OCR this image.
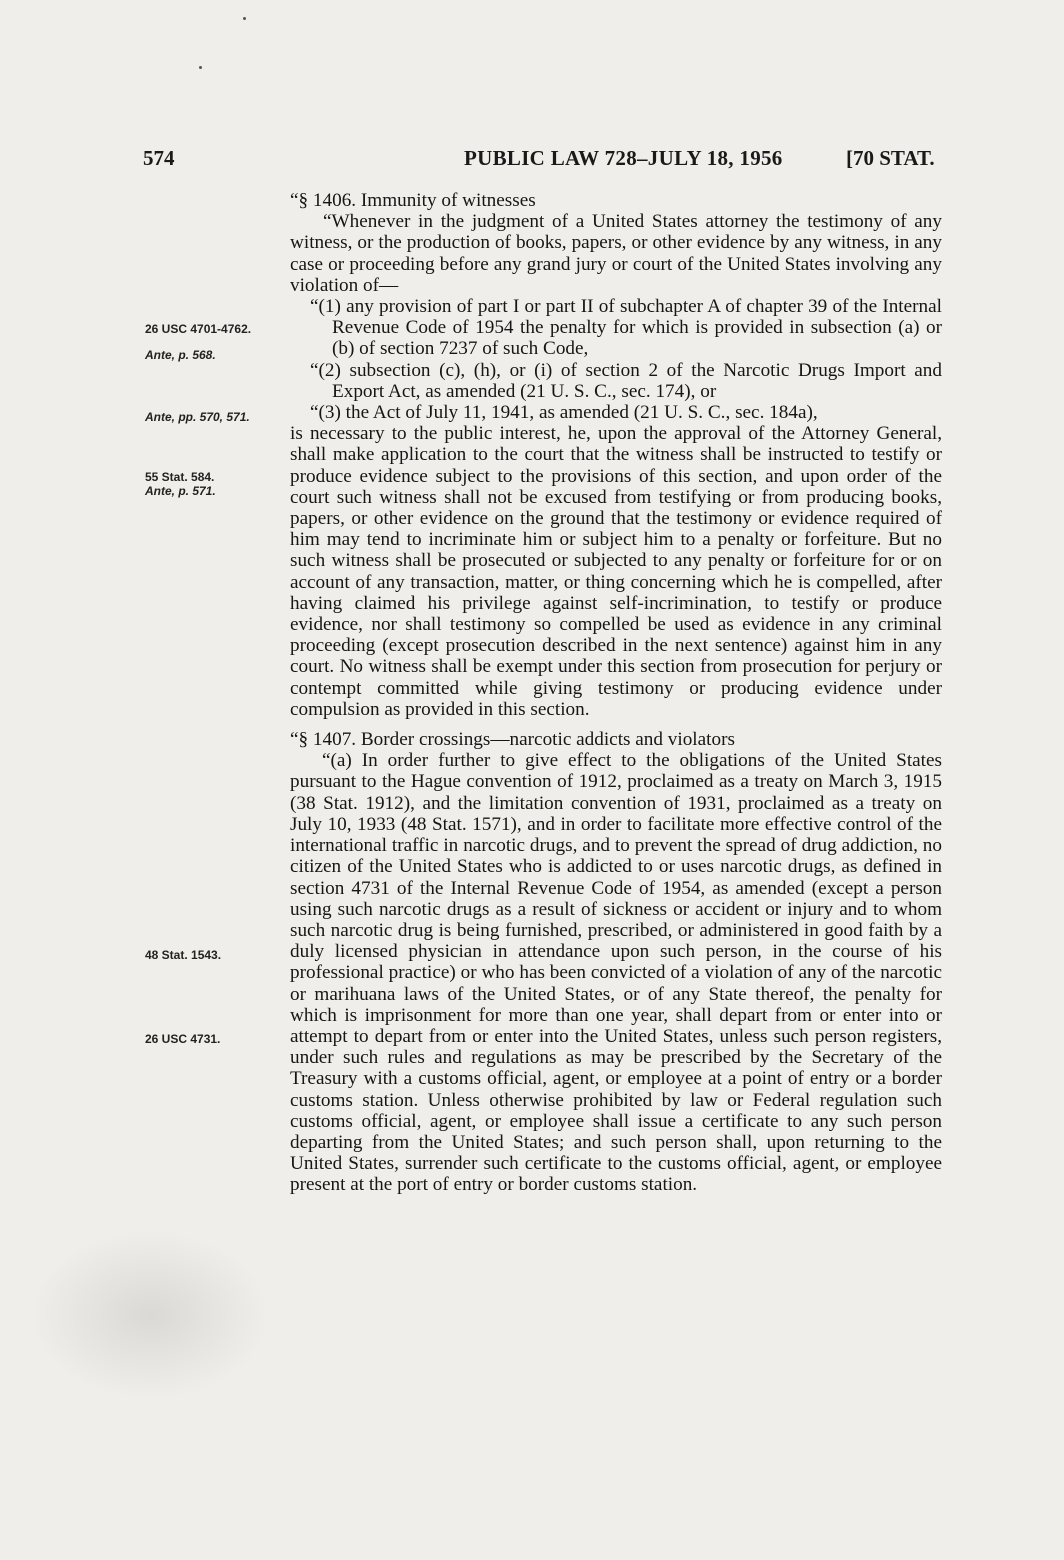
574	PUBLIC LAW 728–JULY 18, 1956	[70 STAT.
26 USC 4701-4762.
Ante, p. 568.
Ante, pp. 570, 571.
55 Stat. 584.
Ante, p. 571.
48 Stat. 1543.
26 USC 4731.
“§ 1406. Immunity of witnesses
“Whenever in the judgment of a United States attorney the testimony of any witness, or the production of books, papers, or other evidence by any witness, in any case or proceeding before any grand jury or court of the United States involving any violation of—
“(1) any provision of part I or part II of subchapter A of chapter 39 of the Internal Revenue Code of 1954 the penalty for which is provided in subsection (a) or (b) of section 7237 of such Code,
“(2) subsection (c), (h), or (i) of section 2 of the Narcotic Drugs Import and Export Act, as amended (21 U. S. C., sec. 174), or
“(3) the Act of July 11, 1941, as amended (21 U. S. C., sec. 184a),
is necessary to the public interest, he, upon the approval of the Attorney General, shall make application to the court that the witness shall be instructed to testify or produce evidence subject to the provisions of this section, and upon order of the court such witness shall not be excused from testifying or from producing books, papers, or other evidence on the ground that the testimony or evidence required of him may tend to incriminate him or subject him to a penalty or forfeiture. But no such witness shall be prosecuted or subjected to any penalty or forfeiture for or on account of any transaction, matter, or thing concerning which he is compelled, after having claimed his privilege against self-incrimination, to testify or produce evidence, nor shall testimony so compelled be used as evidence in any criminal proceeding (except prosecution described in the next sentence) against him in any court. No witness shall be exempt under this section from prosecution for perjury or contempt committed while giving testimony or producing evidence under compulsion as provided in this section.
“§ 1407. Border crossings—narcotic addicts and violators
“(a) In order further to give effect to the obligations of the United States pursuant to the Hague convention of 1912, proclaimed as a treaty on March 3, 1915 (38 Stat. 1912), and the limitation convention of 1931, proclaimed as a treaty on July 10, 1933 (48 Stat. 1571), and in order to facilitate more effective control of the international traffic in narcotic drugs, and to prevent the spread of drug addiction, no citizen of the United States who is addicted to or uses narcotic drugs, as defined in section 4731 of the Internal Revenue Code of 1954, as amended (except a person using such narcotic drugs as a result of sickness or accident or injury and to whom such narcotic drug is being furnished, prescribed, or administered in good faith by a duly licensed physician in attendance upon such person, in the course of his professional practice) or who has been convicted of a violation of any of the narcotic or marihuana laws of the United States, or of any State thereof, the penalty for which is imprisonment for more than one year, shall depart from or enter into or attempt to depart from or enter into the United States, unless such person registers, under such rules and regulations as may be prescribed by the Secretary of the Treasury with a customs official, agent, or employee at a point of entry or a border customs station. Unless otherwise prohibited by law or Federal regulation such customs official, agent, or employee shall issue a certificate to any such person departing from the United States; and such person shall, upon returning to the United States, surrender such certificate to the customs official, agent, or employee present at the port of entry or border customs station.
